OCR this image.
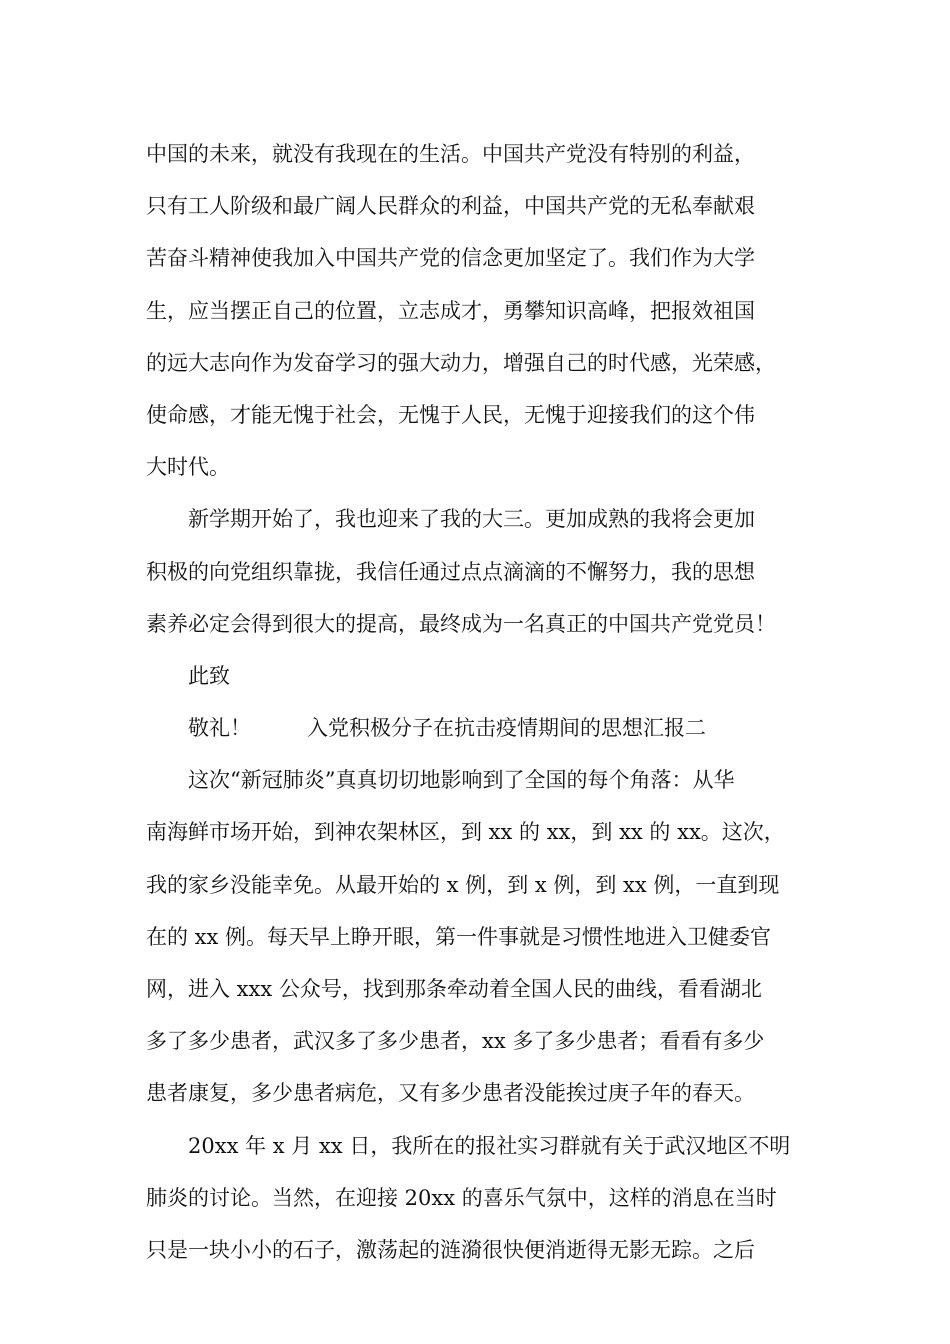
中国的未来，就没有我现在的生活。中国共产党没有特别的利益，
只有工人阶级和最广阔人民群众的利益，中国共产党的无私奉献艰
苦奋斗精神使我加入中国共产党的信念更加坚定了。我们作为大学
生，应当摆正自己的位置，立志成才，勇攀知识高峰，把报效祖国
的远大志向作为发奋学习的强大动力，增强自己的时代感，光荣感，
使命感，才能无愧于社会，无愧于人民，无愧于迎接我们的这个伟
大时代。
新学期开始了，我也迎来了我的大三。更加成熟的我将会更加
积极的向党组织靠拢，我信任通过点点滴滴的不懈努力，我的思想
素养必定会得到很大的提高，最终成为一名真正的中国共产党党员！
此致
敬礼！	入党积极分子在抗击疫情期间的思想汇报二
这次“新冠肺炎”真真切切地影响到了全国的每个角落：从华
南海鲜市场开始，到神农架林区，到 xx 的 xx，到 xx 的 xx。这次，
我的家乡没能幸免。从最开始的 x 例，到 x 例，到 xx 例，一直到现
在的 xx 例。每天早上睁开眼，第一件事就是习惯性地进入卫健委官
网，进入 xxx 公众号，找到那条牵动着全国人民的曲线，看看湖北
多了多少患者，武汉多了多少患者，xx 多了多少患者；看看有多少
患者康复，多少患者病危，又有多少患者没能挨过庚子年的春天。
20xx 年 x 月 xx 日，我所在的报社实习群就有关于武汉地区不明
肺炎的讨论。当然，在迎接 20xx 的喜乐气氛中，这样的消息在当时
只是一块小小的石子，激荡起的涟漪很快便消逝得无影无踪。之后
